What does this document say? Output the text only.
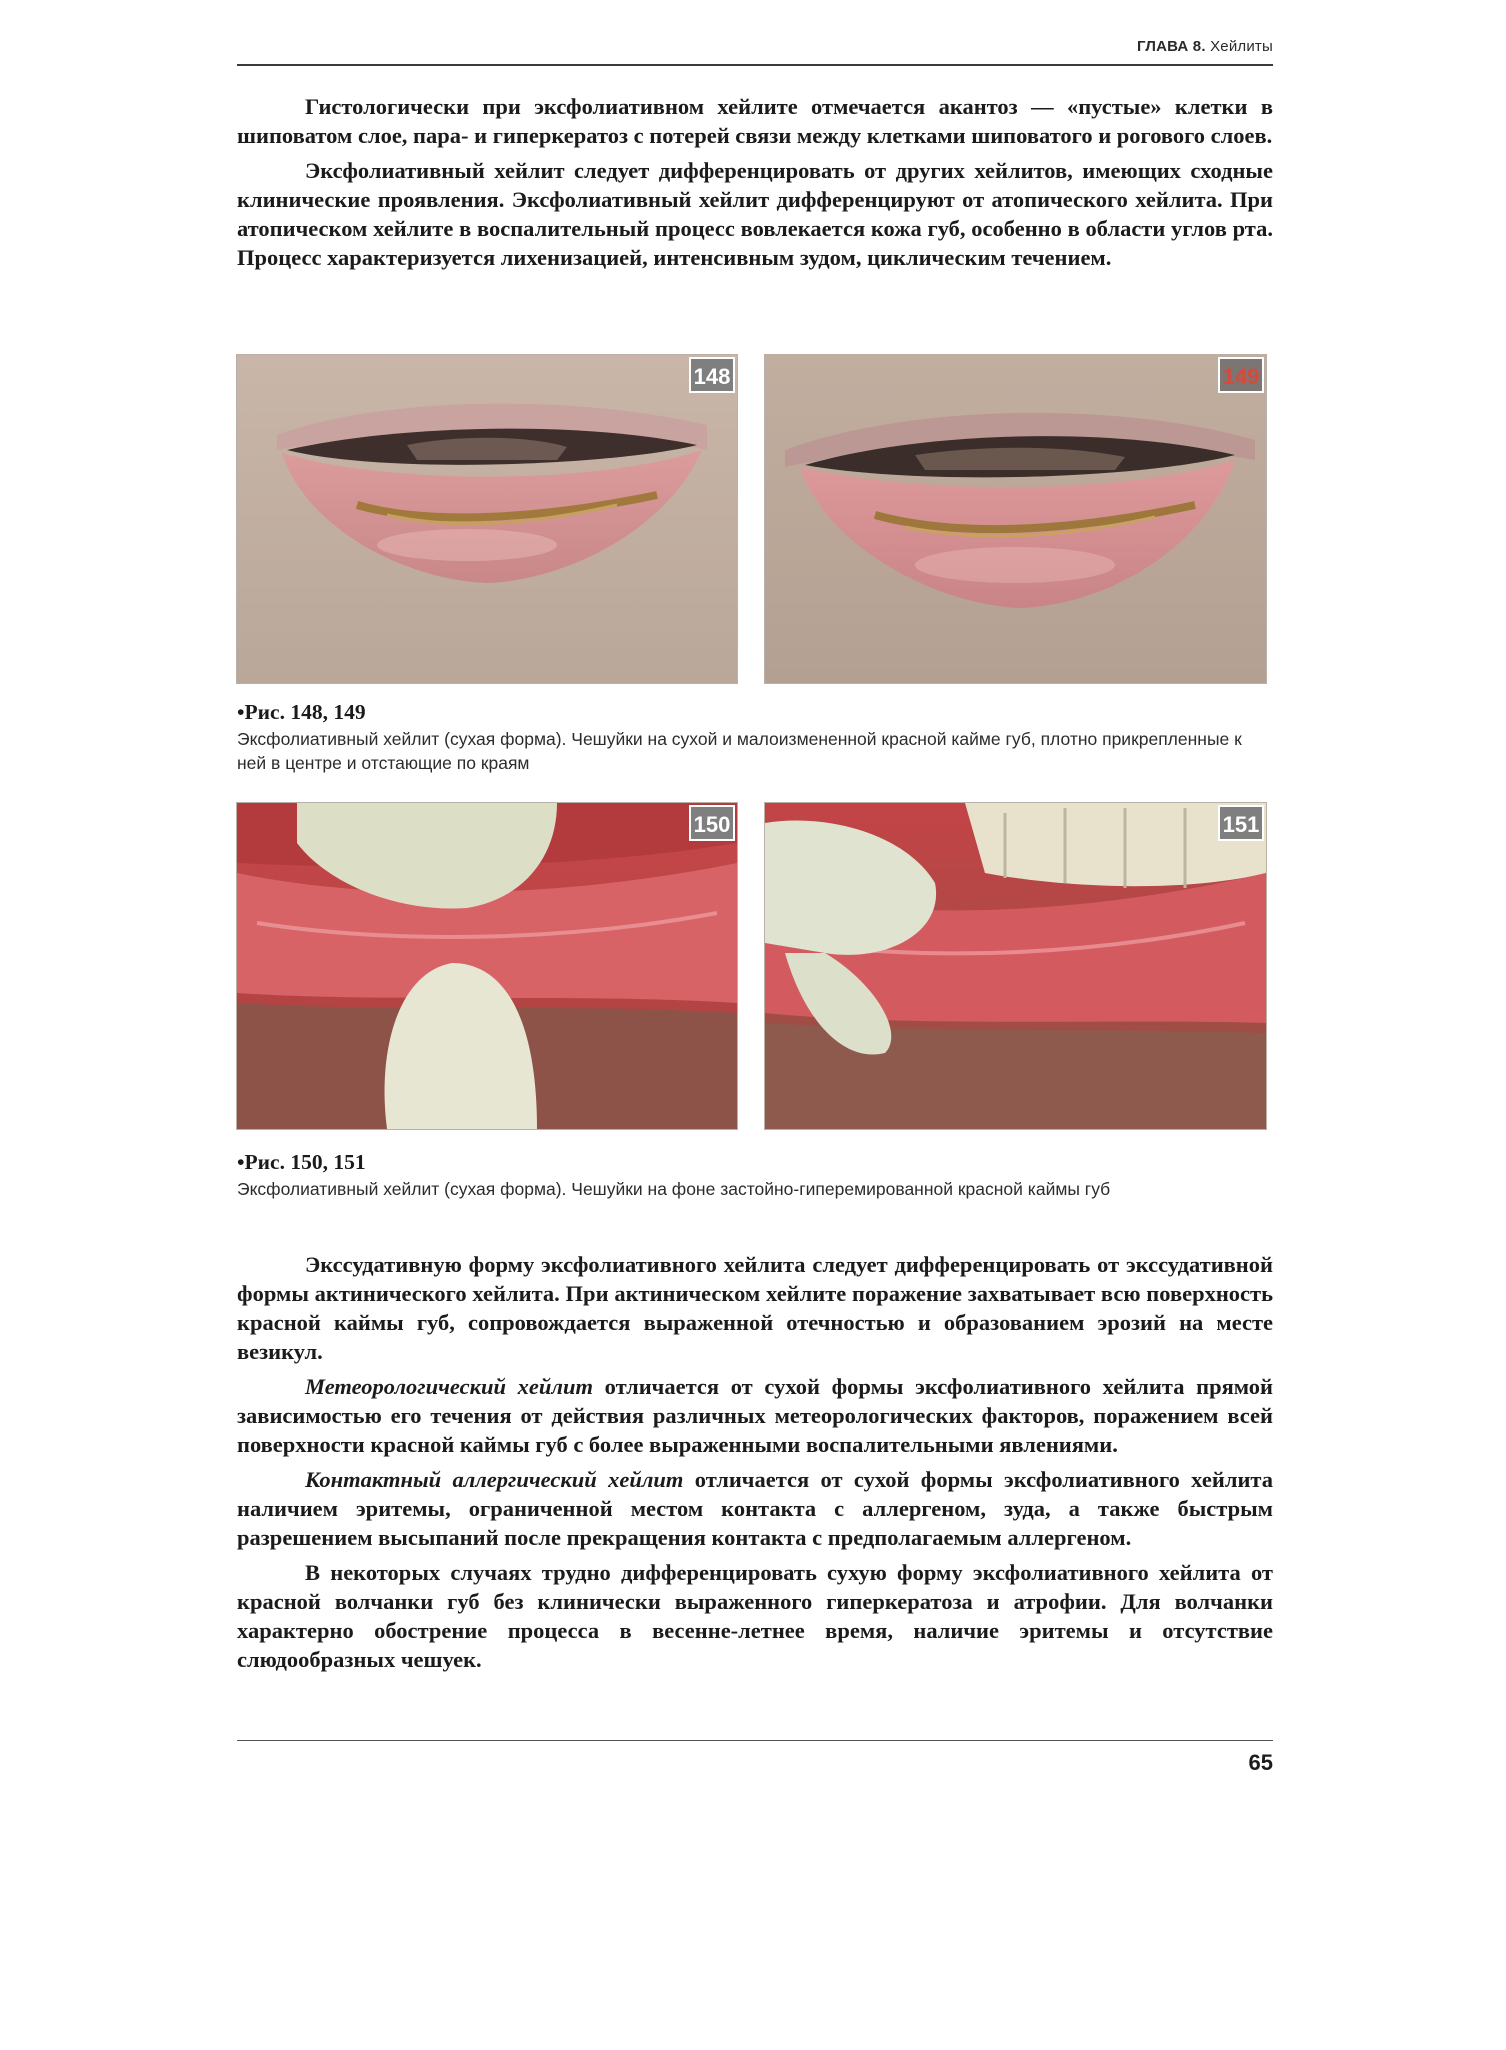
ГЛАВА 8. Хейлиты

Гистологически при эксфолиативном хейлите отмечается акантоз — «пустые» клетки в шиповатом слое, пара- и гиперкератоз с потерей связи между клетками шиповатого и рогового слоев.

Эксфолиативный хейлит следует дифференцировать от других хейлитов, имеющих сходные клинические проявления. Эксфолиативный хейлит дифференцируют от атопического хейлита. При атопическом хейлите в воспалительный процесс вовлекается кожа губ, особенно в области углов рта. Процесс характеризуется лихенизацией, интенсивным зудом, циклическим течением.

148	149
•Рис. 148, 149
Эксфолиативный хейлит (сухая форма). Чешуйки на сухой и малоизмененной красной кайме губ, плотно прикрепленные к ней в центре и отстающие по краям
150	151
•Рис. 150, 151
Эксфолиативный хейлит (сухая форма). Чешуйки на фоне застойно-гиперемированной красной каймы губ

Экссудативную форму эксфолиативного хейлита следует дифференцировать от экссудативной формы актинического хейлита. При актиническом хейлите поражение захватывает всю поверхность красной каймы губ, сопровождается выраженной отечностью и образованием эрозий на месте везикул.

Метеорологический хейлит отличается от сухой формы эксфолиативного хейлита прямой зависимостью его течения от действия различных метеорологических факторов, поражением всей поверхности красной каймы губ с более выраженными воспалительными явлениями.

Контактный аллергический хейлит отличается от сухой формы эксфолиативного хейлита наличием эритемы, ограниченной местом контакта с аллергеном, зуда, а также быстрым разрешением высыпаний после прекращения контакта с предполагаемым аллергеном.

В некоторых случаях трудно дифференцировать сухую форму эксфолиативного хейлита от красной волчанки губ без клинически выраженного гиперкератоза и атрофии. Для волчанки характерно обострение процесса в весенне-летнее время, наличие эритемы и отсутствие слюдообразных чешуек.

65
